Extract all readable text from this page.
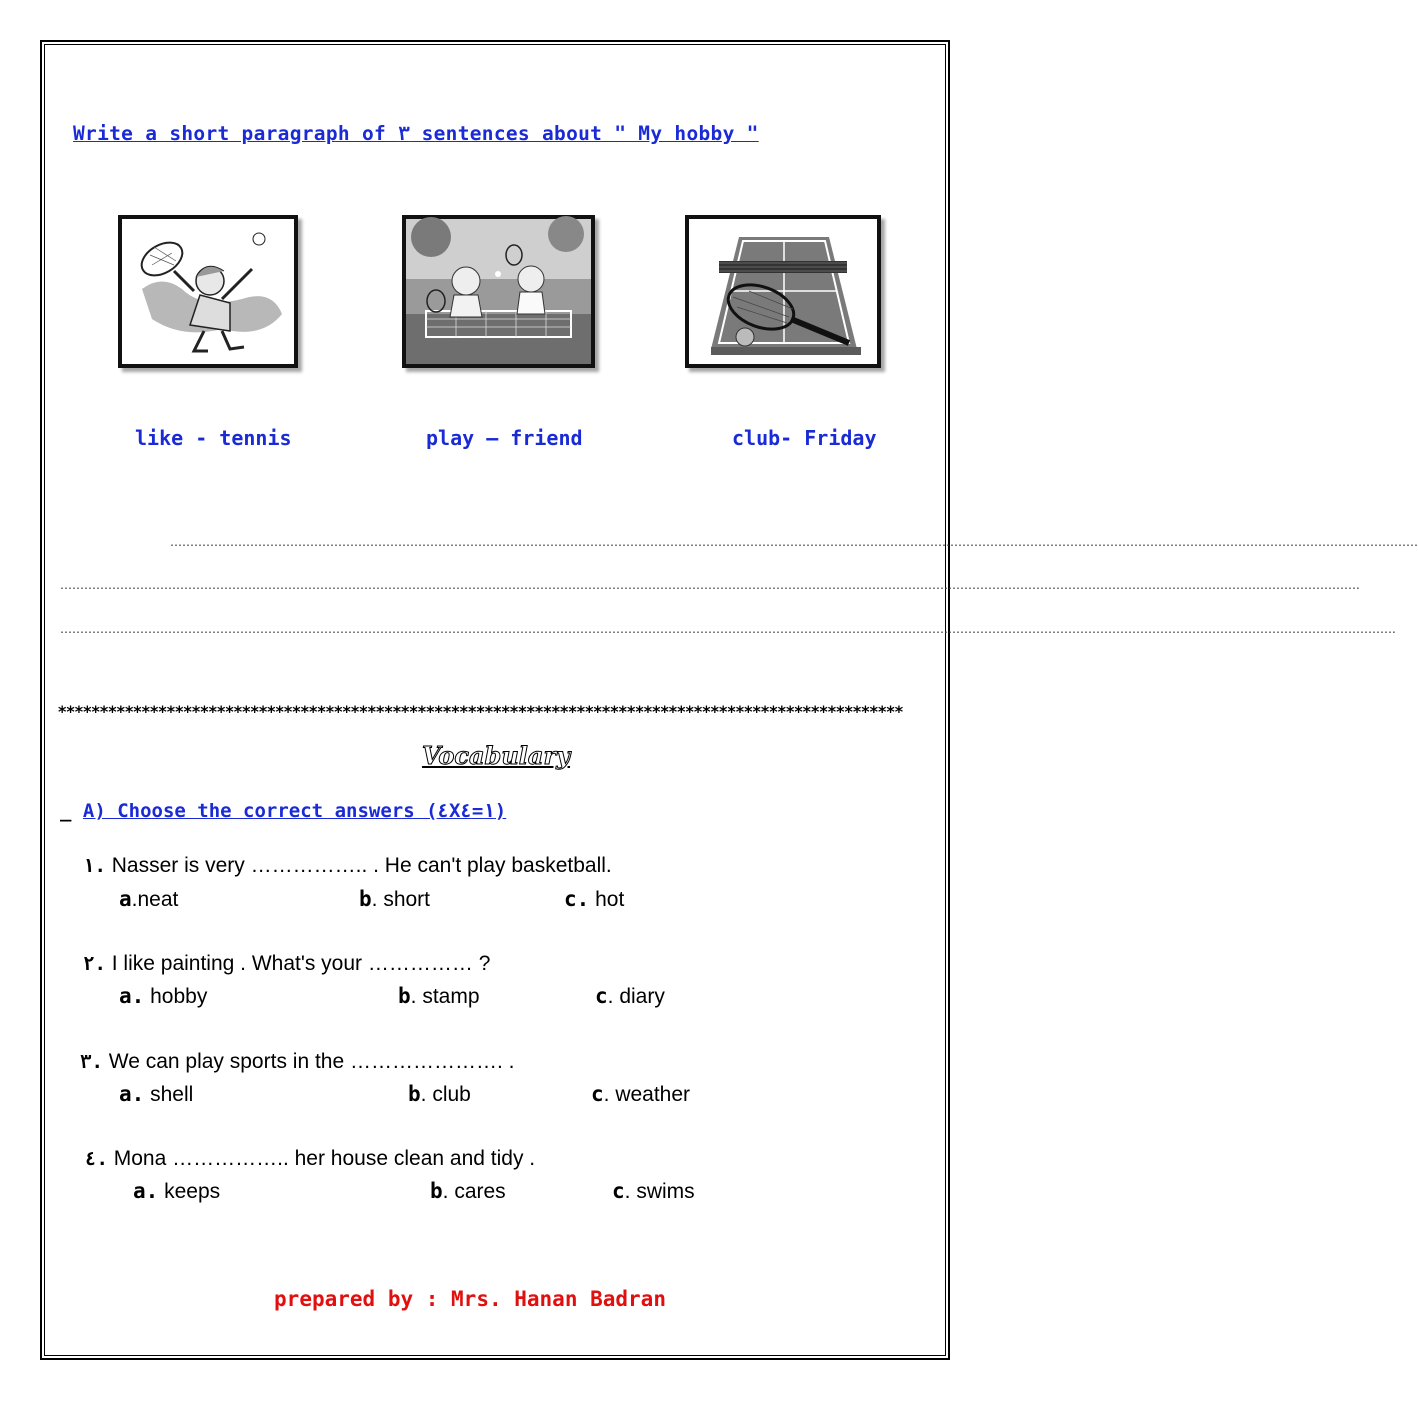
Write a short paragraph of ٣ sentences about " My hobby "
like - tennis	play – friend	club- Friday
……………………………………………………………………………………………………………………………………………………………………………………………………………………………………………………………………………………
……………………………………………………………………………………………………………………………………………………………………………………………………………………………………………………………………………………………….
……………………………………………………………………………………………………………………………………………………………………………………………………………………………………………………………………………………………………….
*****************************************************************************************************
Vocabulary
_ A) Choose the correct answers (٤X١=٤)
١. Nasser is very …………….. . He can't play basketball.
a.neat	b. short	c. hot
٢. I like painting . What's your …………… ?
a. hobby	b. stamp	c. diary
٣. We can play sports in the …………………. .
a. shell	b. club	c. weather
٤. Mona …………….. her house clean and tidy .
a. keeps	b. cares	c. swims
prepared by : Mrs. Hanan Badran
